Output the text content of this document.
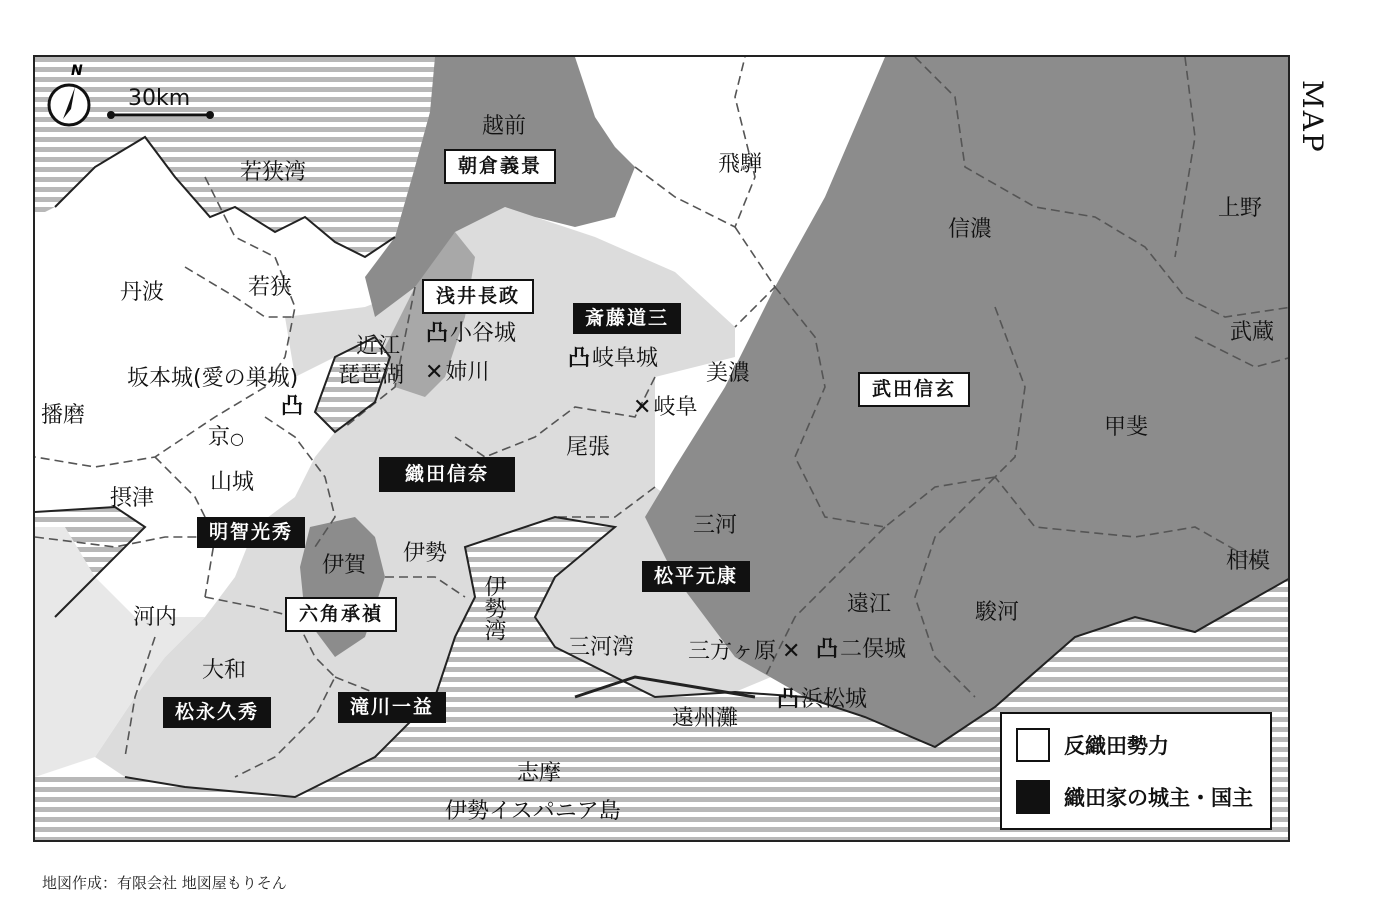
30km
N
越前
飛騨
若狭湾
信濃
上野
丹波	若狭
武蔵
近江
琵琶湖	美濃
播磨	甲斐
尾張
摂津
山城
三河
伊賀 伊勢	相模
伊勢湾
河内
遠江	駿河
三河湾
大和
遠州灘
志摩
伊勢イスパニア島
坂本城(愛の巣城)
凸
京○
凸小谷城
✕姉川
凸岐阜城
✕岐阜
三方ヶ原 ✕ 凸二俣城
凸浜松城
朝倉義景
浅井長政
斎藤道三
武田信玄
織田信奈
明智光秀
松平元康
六角承禎
松永久秀	滝川一益
反織田勢力
織田家の城主・国主
MAP
地図作成：有限会社 地図屋もりそん
